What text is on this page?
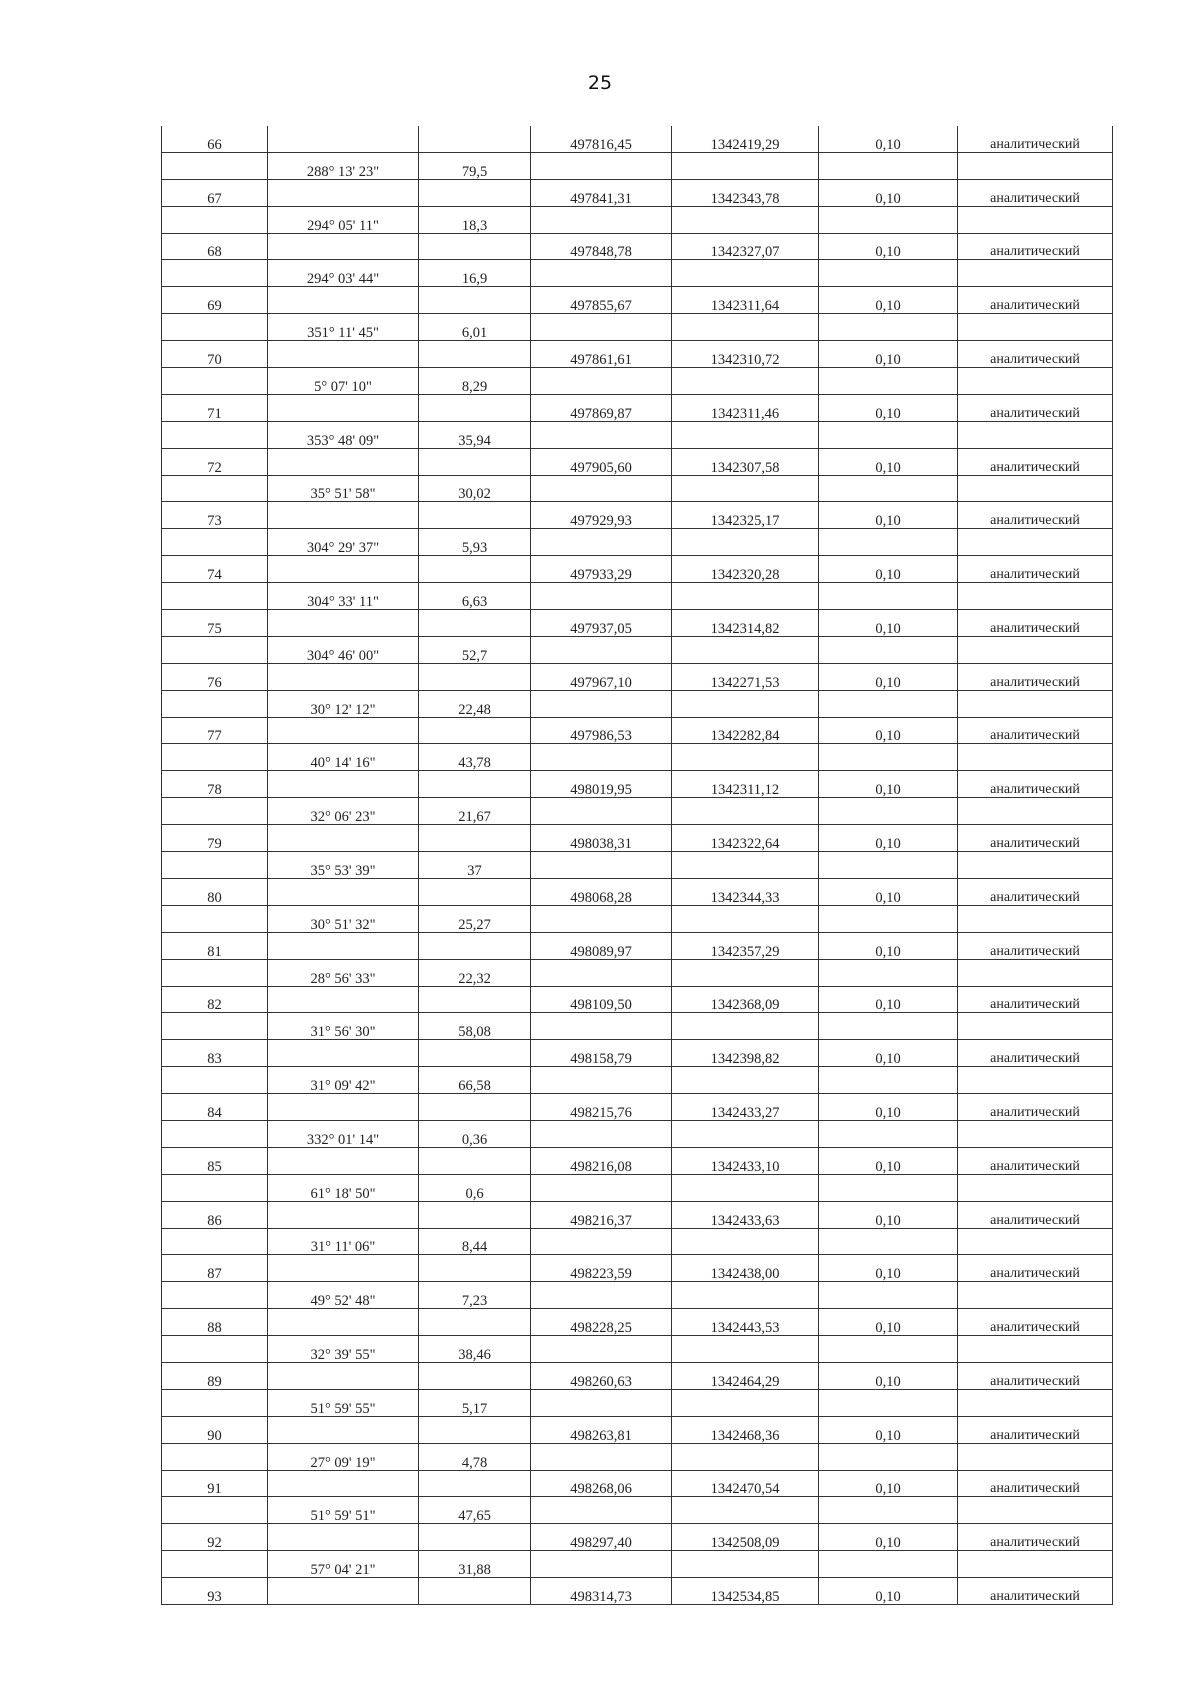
25
66			497816,45	1342419,29	0,10	аналитический
	288° 13' 23"	79,5				
67			497841,31	1342343,78	0,10	аналитический
	294° 05' 11"	18,3				
68			497848,78	1342327,07	0,10	аналитический
	294° 03' 44"	16,9				
69			497855,67	1342311,64	0,10	аналитический
	351° 11' 45"	6,01				
70			497861,61	1342310,72	0,10	аналитический
	5° 07' 10"	8,29				
71			497869,87	1342311,46	0,10	аналитический
	353° 48' 09"	35,94				
72			497905,60	1342307,58	0,10	аналитический
	35° 51' 58"	30,02				
73			497929,93	1342325,17	0,10	аналитический
	304° 29' 37"	5,93				
74			497933,29	1342320,28	0,10	аналитический
	304° 33' 11"	6,63				
75			497937,05	1342314,82	0,10	аналитический
	304° 46' 00"	52,7				
76			497967,10	1342271,53	0,10	аналитический
	30° 12' 12"	22,48				
77			497986,53	1342282,84	0,10	аналитический
	40° 14' 16"	43,78				
78			498019,95	1342311,12	0,10	аналитический
	32° 06' 23"	21,67				
79			498038,31	1342322,64	0,10	аналитический
	35° 53' 39"	37				
80			498068,28	1342344,33	0,10	аналитический
	30° 51' 32"	25,27				
81			498089,97	1342357,29	0,10	аналитический
	28° 56' 33"	22,32				
82			498109,50	1342368,09	0,10	аналитический
	31° 56' 30"	58,08				
83			498158,79	1342398,82	0,10	аналитический
	31° 09' 42"	66,58				
84			498215,76	1342433,27	0,10	аналитический
	332° 01' 14"	0,36				
85			498216,08	1342433,10	0,10	аналитический
	61° 18' 50"	0,6				
86			498216,37	1342433,63	0,10	аналитический
	31° 11' 06"	8,44				
87			498223,59	1342438,00	0,10	аналитический
	49° 52' 48"	7,23				
88			498228,25	1342443,53	0,10	аналитический
	32° 39' 55"	38,46				
89			498260,63	1342464,29	0,10	аналитический
	51° 59' 55"	5,17				
90			498263,81	1342468,36	0,10	аналитический
	27° 09' 19"	4,78				
91			498268,06	1342470,54	0,10	аналитический
	51° 59' 51"	47,65				
92			498297,40	1342508,09	0,10	аналитический
	57° 04' 21"	31,88				
93			498314,73	1342534,85	0,10	аналитический
